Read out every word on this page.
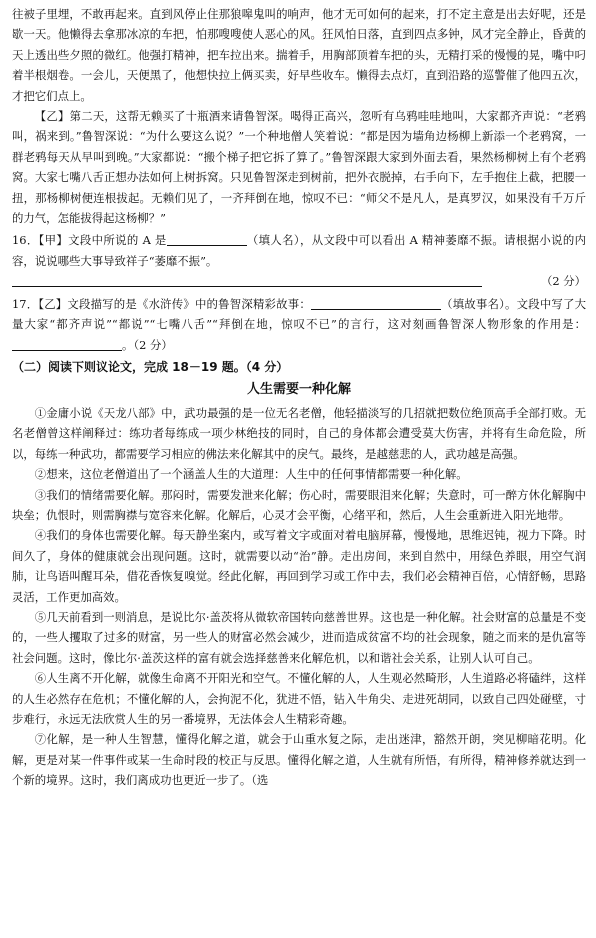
往被子里埋，不敢再起来。直到风停止住那狼嗥鬼叫的响声，他才无可如何的起来，打不定主意是出去好呢，还是歇一天。他懒得去拿那冰凉的车把，怕那嗖嗖使人恶心的风。狂风怕日落，直到四点多钟，风才完全静止，昏黄的天上透出些夕照的微红。他强打精神，把车拉出来。揣着手，用胸部顶着车把的头，无精打采的慢慢的晃，嘴中叼着半根烟卷。一会儿，天便黑了，他想快拉上俩买卖，好早些收车。懒得去点灯，直到沿路的巡警催了他四五次，才把它们点上。

【乙】第二天，这帮无赖买了十瓶酒来请鲁智深。喝得正高兴，忽听有乌鸦哇哇地叫，大家都齐声说：“老鸦叫，祸来到。”鲁智深说：“为什么要这么说？”一个种地僧人笑着说：“都是因为墙角边杨柳上新添一个老鸦窝，一群老鸦每天从早叫到晚。”大家都说：“搬个梯子把它拆了算了。”鲁智深跟大家到外面去看，果然杨柳树上有个老鸦窝。大家七嘴八舌正想办法如何上树拆窝。只见鲁智深走到树前，把外衣脱掉，右手向下，左手抱住上截，把腰一扭，那杨柳树便连根拔起。无赖们见了，一齐拜倒在地，惊叹不已：“师父不是凡人，是真罗汉，如果没有千万斤的力气，怎能拔得起这杨柳？”

16．【甲】文段中所说的 A 是	（填人名），从文段中可以看出 A 精神萎靡不振。请根据小说的内容，说说哪些大事导致祥子“萎靡不振”。

（2 分）

17．【乙】文段描写的是《水浒传》中的鲁智深精彩故事：	（填故事名）。文段中写了大量大家“都齐声说”“都说”“七嘴八舌”“拜倒在地，惊叹不已”的言行，这对刻画鲁智深人物形象的作用是：。（2 分）

（二）阅读下则议论文，完成 18－19 题。（4 分）
人生需要一种化解

①金庸小说《天龙八部》中，武功最强的是一位无名老僧，他轻描淡写的几招就把数位绝顶高手全部打败。无名老僧曾这样阐释过：练功者每练成一项少林绝技的同时，自己的身体都会遭受莫大伤害，并将有生命危险，所以，每练一种武功，都需要学习相应的佛法来化解其中的戾气。最终，是越慈悲的人，武功越是高强。

②想来，这位老僧道出了一个涵盖人生的大道理：人生中的任何事情都需要一种化解。

③我们的情绪需要化解。那闷时，需要发泄来化解；伤心时，需要眼泪来化解；失意时，可一醉方休化解胸中块垒；仇恨时，则需胸襟与宽容来化解。化解后，心灵才会平衡，心绪平和，然后，人生会重新进入阳光地带。

④我们的身体也需要化解。每天静坐案内，或写着文字或面对着电脑屏幕，慢慢地，思维迟钝，视力下降。时间久了，身体的健康就会出现问题。这时，就需要以动“治”静。走出房间，来到自然中，用绿色养眼，用空气润肺，让鸟语叫醒耳朵，借花香恢复嗅觉。经此化解，再回到学习或工作中去，我们必会精神百倍，心情舒畅，思路灵活，工作更加高效。

⑤几天前看到一则消息，是说比尔·盖茨将从微软帝国转向慈善世界。这也是一种化解。社会财富的总量是不变的，一些人攫取了过多的财富，另一些人的财富必然会减少，进而造成贫富不均的社会现象，随之而来的是仇富等社会问题。这时，像比尔·盖茨这样的富有就会选择慈善来化解危机，以和谐社会关系，让别人认可自己。

⑥人生离不开化解，就像生命离不开阳光和空气。不懂化解的人，人生观必然畸形，人生道路必将磕绊，这样的人生必然存在危机；不懂化解的人，会拘泥不化，犹进不悟，钻入牛角尖、走进死胡同，以致自己四处碰壁，寸步难行，永远无法欣赏人生的另一番境界，无法体会人生精彩奇趣。

⑦化解，是一种人生智慧，懂得化解之道，就会于山重水复之际，走出迷津，豁然开朗，突见柳暗花明。化解，更是对某一件事件或某一生命时段的校正与反思。懂得化解之道，人生就有所悟，有所得，精神修养就达到一个新的境界。这时，我们离成功也更近一步了。（选
